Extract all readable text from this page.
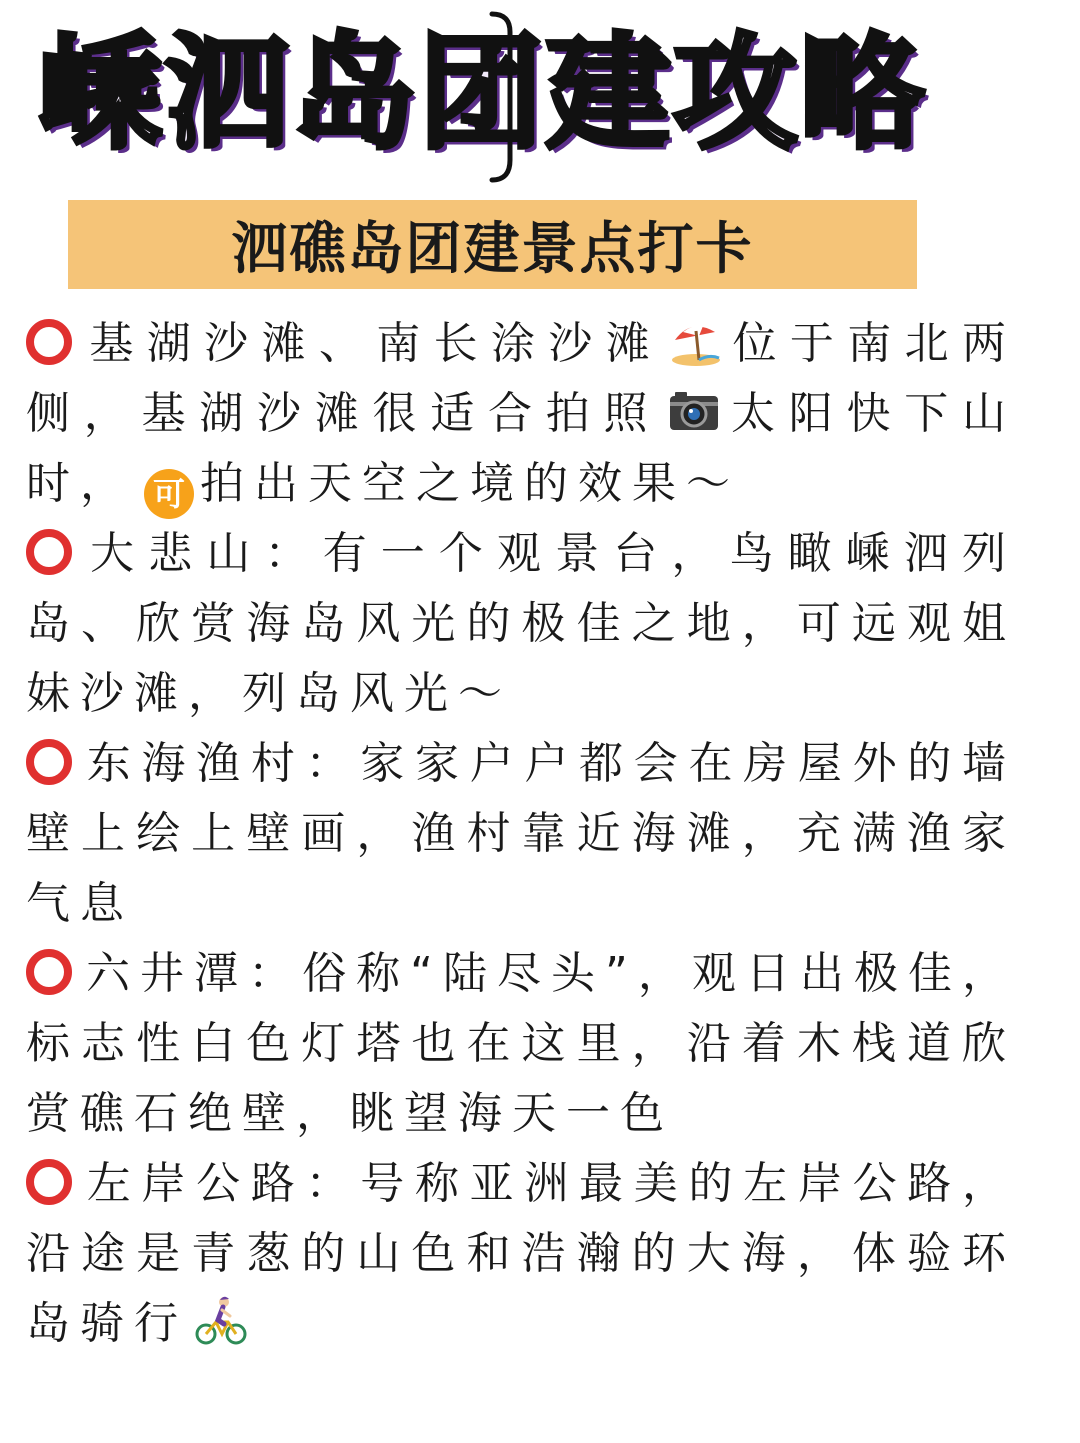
嵊泗岛团建攻略
泗礁岛团建景点打卡

基湖沙滩、南长涂沙滩 位于南北两侧，基湖沙滩很适合拍照 太阳快下山时， 可 拍出天空之境的效果～

大悲山：有一个观景台，鸟瞰嵊泗列岛、欣赏海岛风光的极佳之地，可远观姐妹沙滩，列岛风光～

东海渔村：家家户户都会在房屋外的墙壁上绘上壁画，渔村靠近海滩，充满渔家气息

六井潭：俗称“陆尽头”，观日出极佳，标志性白色灯塔也在这里，沿着木栈道欣赏礁石绝壁，眺望海天一色

左岸公路：号称亚洲最美的左岸公路，沿途是青葱的山色和浩瀚的大海，体验环岛骑行
